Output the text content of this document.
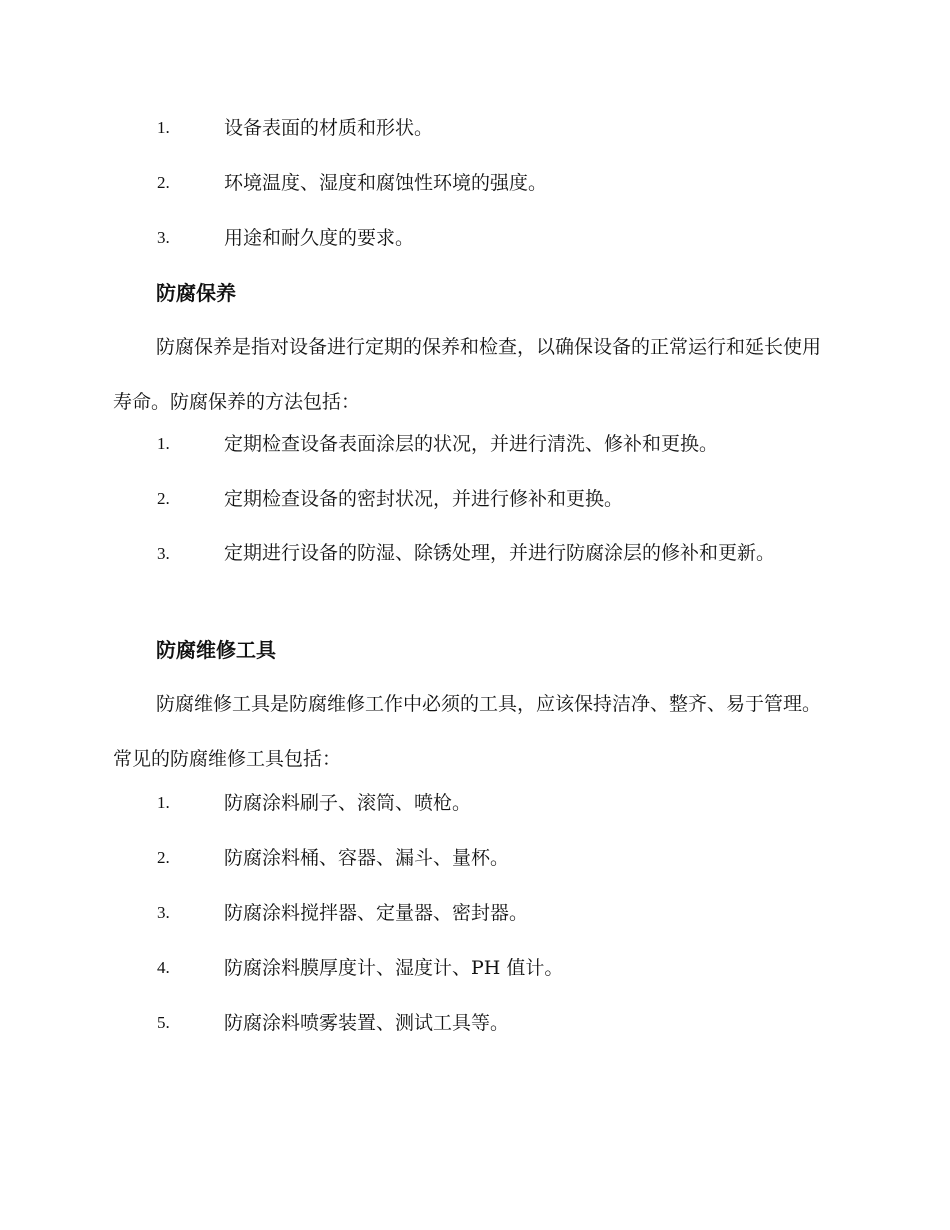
1.	设备表面的材质和形状。
2.	环境温度、湿度和腐蚀性环境的强度。
3.	用途和耐久度的要求。
防腐保养
防腐保养是指对设备进行定期的保养和检查，以确保设备的正常运行和延长使用寿命。防腐保养的方法包括：
1.	定期检查设备表面涂层的状况，并进行清洗、修补和更换。
2.	定期检查设备的密封状况，并进行修补和更换。
3.	定期进行设备的防湿、除锈处理，并进行防腐涂层的修补和更新。
防腐维修工具
防腐维修工具是防腐维修工作中必须的工具，应该保持洁净、整齐、易于管理。常见的防腐维修工具包括：
1.	防腐涂料刷子、滚筒、喷枪。
2.	防腐涂料桶、容器、漏斗、量杯。
3.	防腐涂料搅拌器、定量器、密封器。
4.	防腐涂料膜厚度计、湿度计、PH 值计。
5.	防腐涂料喷雾装置、测试工具等。
